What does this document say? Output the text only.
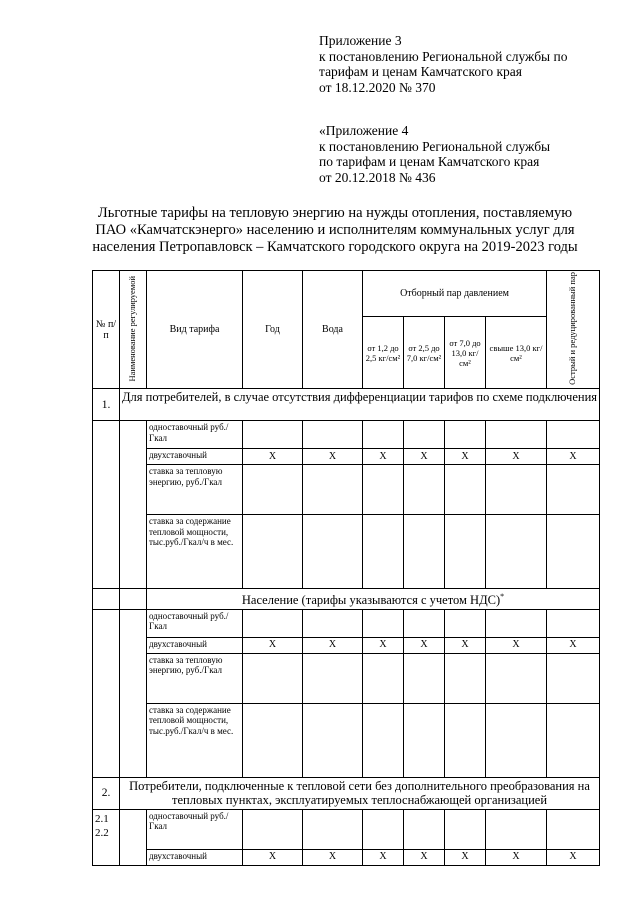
Приложение 3
к постановлению Региональной службы по
тарифам и ценам Камчатского края
от 18.12.2020 № 370
«Приложение 4
к постановлению Региональной службы
по тарифам и ценам Камчатского края
от 20.12.2018 № 436
Льготные тарифы на тепловую энергию на нужды отопления, поставляемую
ПАО «Камчатскэнерго» населению и исполнителям коммунальных услуг для
населения Петропавловск – Камчатского городского округа на 2019-2023 годы
№ п/п	Наименование регулируемой	Вид тарифа	Год	Вода	Отборный пар давлением				Острый и редуцированный пар
					от 1,2 до 2,5 кг/см²	от 2,5 до 7,0 кг/см²	от 7,0 до 13,0 кг/см²	свыше 13,0 кг/см²	
1.	Для потребителей, в случае отсутствия дифференциации тарифов по схеме подключения								
		одноставочный руб./Гкал							
		двухставочный	X	X	X	X	X	X	X
		ставка за тепловую энергию, руб./Гкал							
		ставка за содержание тепловой мощности, тыс.руб./Гкал/ч в мес.							
		Население (тарифы указываются с учетом НДС)*
		одноставочный руб./Гкал							
		двухставочный	X	X	X	X	X	X	X
		ставка за тепловую энергию, руб./Гкал							
		ставка за содержание тепловой мощности, тыс.руб./Гкал/ч в мес.							
2.	Потребители, подключенные к тепловой сети без дополнительного преобразования на тепловых пунктах, эксплуатируемых теплоснабжающей организацией								

2.1
2.2		одноставочный руб./Гкал							
		двухставочный	X	X	X	X	X	X	X
